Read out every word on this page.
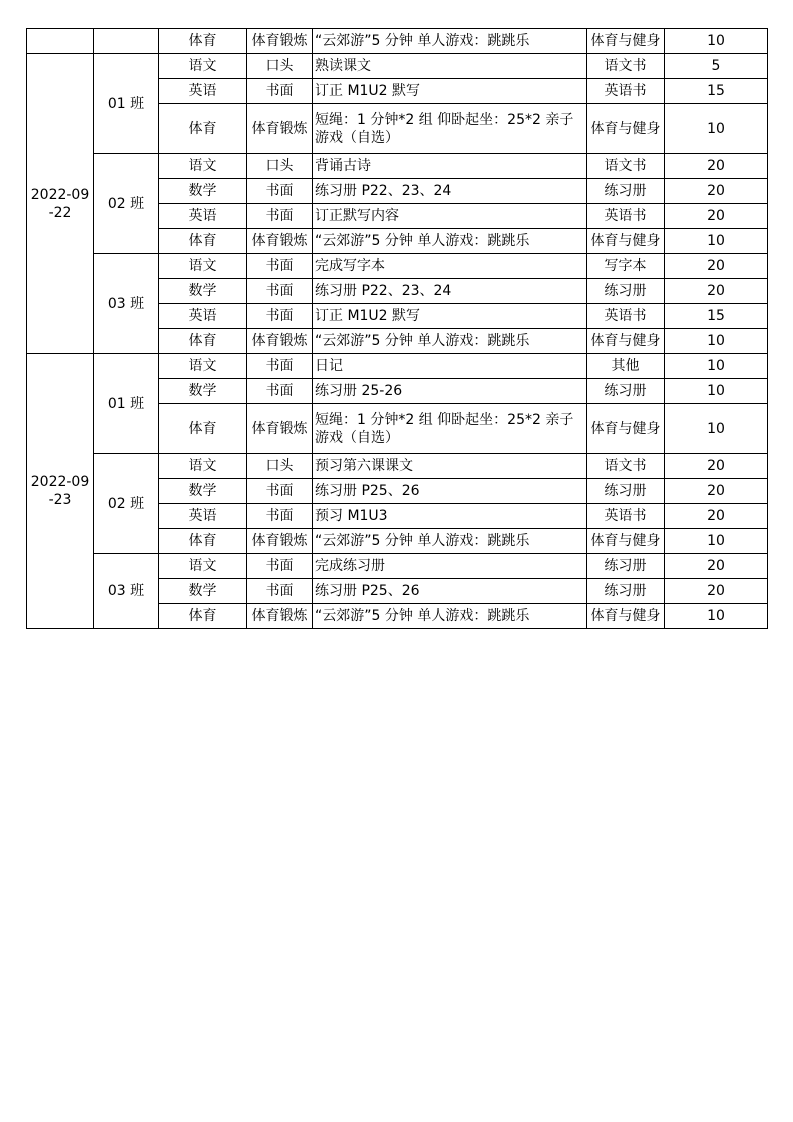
		体育	体育锻炼	“云郊游”5 分钟 单人游戏：跳跳乐	体育与健身	10
2022-09-22	01 班	语文	口头	熟读课文	语文书	5
		英语	书面	订正 M1U2 默写	英语书	15
		体育	体育锻炼	短绳：1 分钟*2 组 仰卧起坐：25*2 亲子游戏（自选）	体育与健身	10
	02 班	语文	口头	背诵古诗	语文书	20
		数学	书面	练习册 P22、23、24	练习册	20
		英语	书面	订正默写内容	英语书	20
		体育	体育锻炼	“云郊游”5 分钟 单人游戏：跳跳乐	体育与健身	10
	03 班	语文	书面	完成写字本	写字本	20
		数学	书面	练习册 P22、23、24	练习册	20
		英语	书面	订正 M1U2 默写	英语书	15
		体育	体育锻炼	“云郊游”5 分钟 单人游戏：跳跳乐	体育与健身	10
2022-09-23	01 班	语文	书面	日记	其他	10
		数学	书面	练习册 25-26	练习册	10
		体育	体育锻炼	短绳：1 分钟*2 组 仰卧起坐：25*2 亲子游戏（自选）	体育与健身	10
	02 班	语文	口头	预习第六课课文	语文书	20
		数学	书面	练习册 P25、26	练习册	20
		英语	书面	预习 M1U3	英语书	20
		体育	体育锻炼	“云郊游”5 分钟 单人游戏：跳跳乐	体育与健身	10
	03 班	语文	书面	完成练习册	练习册	20
		数学	书面	练习册 P25、26	练习册	20
		体育	体育锻炼	“云郊游”5 分钟 单人游戏：跳跳乐	体育与健身	10
